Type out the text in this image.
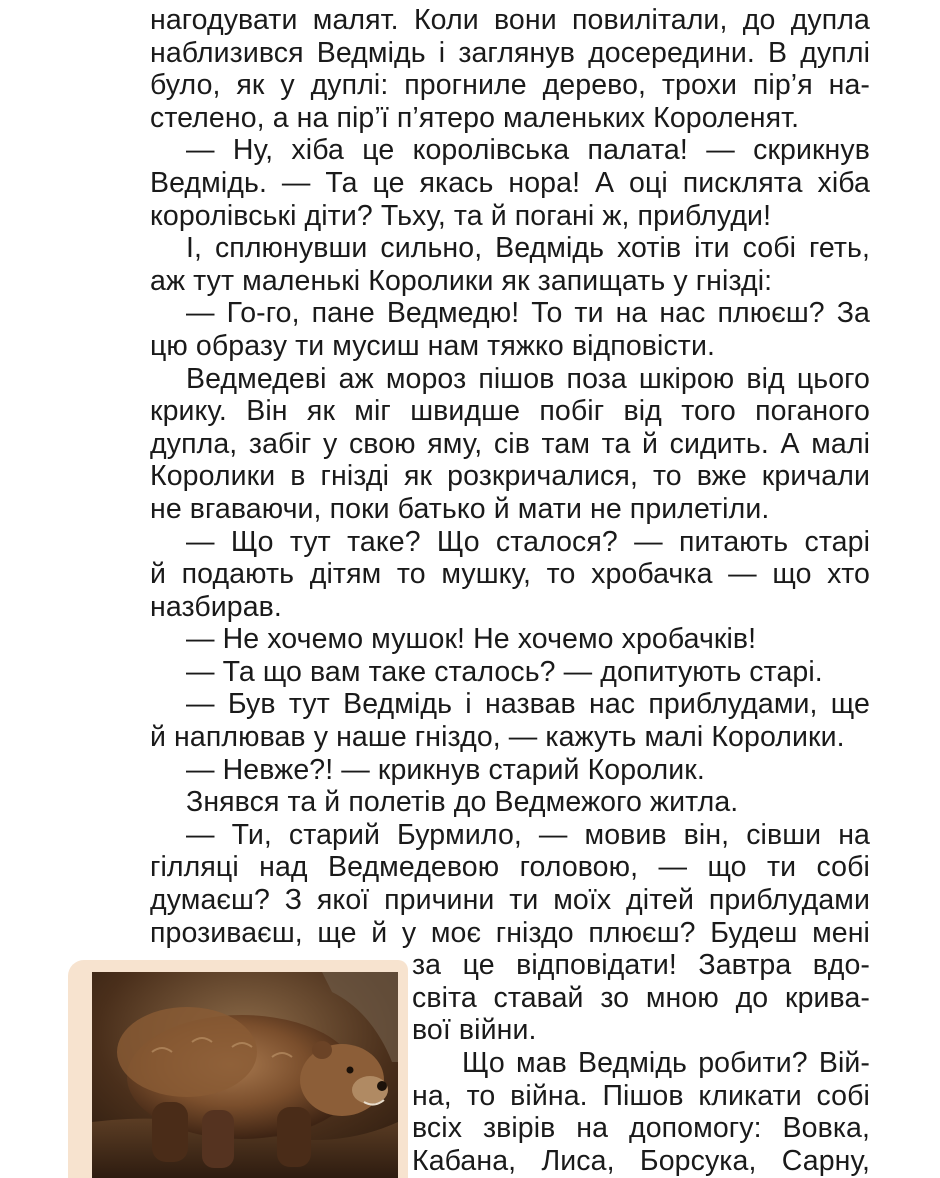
нагодувати малят. Коли вони повилітали, до дупла
наблизився Ведмідь і заглянув досередини. В дуплі
було, як у дуплі: прогниле дерево, трохи пір’я на-
стелено, а на пір’ї п’ятеро маленьких Короленят.
— Ну, хіба це королівська палата! — скрикнув
Ведмідь. — Та це якась нора! А оці писклята хіба
королівські діти? Тьху, та й погані ж, приблуди!
І, сплюнувши сильно, Ведмідь хотів іти собі геть,
аж тут маленькі Королики як запищать у гнізді:
— Го-го, пане Ведмедю! То ти на нас плюєш? За
цю образу ти мусиш нам тяжко відповісти.
Ведмедеві аж мороз пішов поза шкірою від цього
крику. Він як міг швидше побіг від того поганого
дупла, забіг у свою яму, сів там та й сидить. А малі
Королики в гнізді як розкричалися, то вже кричали
не вгаваючи, поки батько й мати не прилетіли.
— Що тут таке? Що сталося? — питають старі
й подають дітям то мушку, то хробачка — що хто
назбирав.
— Не хочемо мушок! Не хочемо хробачків!
— Та що вам таке сталось? — допитують старі.
— Був тут Ведмідь і назвав нас приблудами, ще
й наплював у наше гніздо, — кажуть малі Королики.
— Невже?! — крикнув старий Королик.
Знявся та й полетів до Ведмежого житла.
— Ти, старий Бурмило, — мовив він, сівши на
гілляці над Ведмедевою головою, — що ти собі
думаєш? З якої причини ти моїх дітей приблудами
прозиваєш, ще й у моє гніздо плюєш? Будеш мені
за це відповідати! Завтра вдо-
світа ставай зо мною до крива-
вої війни.
Що мав Ведмідь робити? Вій-
на, то війна. Пішов кликати собі
всіх звірів на допомогу: Вовка,
Кабана, Лиса, Борсука, Сарну,
